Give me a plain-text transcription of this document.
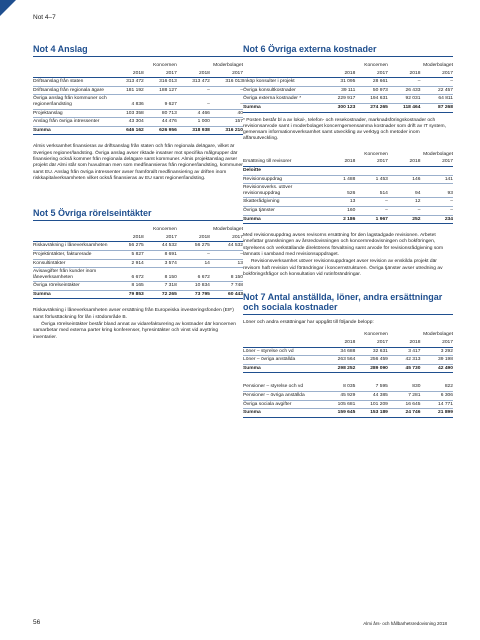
Not 4–7
Not 4 Anslag
	Koncernen		Moderbolaget	
	2018	2017	2018	2017
Driftsanslag från staten	313 472	316 013	313 472	316 013
Driftsanslag från regionala ägare	181 192	188 127	–	–
Övriga anslag från kommuner och regioner/landsting	4 836	9 627	–	–
Projektanslag	103 358	80 713	4 466	40
Anslag från övriga intressenter	43 304	44 476	1 000	157
Summa	646 162	626 956	318 938	316 210
Almis verksamhet finansieras av driftsanslag från staten och från regionala delägare, vilket är Sveriges regioner/landsting. Övriga anslag avser riktade insatser mot specifika målgrupper där finansiering också kommer från regionala delägare samt kommuner. Almis projektanslag avser projekt där Almi står som huvudman men som medfinansieras från regioner/landsting, kommuner samt EU. Anslag från övriga intressenter avser framförallt medfinansiering av driften inom riskkapitalverksamheten vilket också finansieras av EU samt regioner/landsting.
Not 5 Övriga rörelseintäkter
	Koncernen		Moderbolaget	
	2018	2017	2018	2017
Riskavräkning i låneverksamheten	56 275	44 532	56 275	44 532
Projektintäkter, fakturerade	5 827	8 691	–	–
Konsultintäkter	2 914	3 574	14	13
Avisavgifter från kunder inom låneverksamheten	6 672	8 150	6 672	8 150
Övriga rörelseintäkter	8 165	7 318	10 834	7 748
Summa	79 853	72 265	73 795	60 443

Riskavräkning i låneverksamheten avser ersättning från Europeiska investeringsfonden (EIF) samt förlusttäckning för lån i stödområde B.

Övriga rörelseintäkter består bland annat av vidarefakturering av kostnader där koncernen samarbetar med externa parter kring konferenser, hyresintäkter och vinst vid avyttring inventarier.

Not 6 Övriga externa kostnader
	Koncernen		Moderbolaget	
	2018	2017	2018	2017
Inköp konsulter i projekt	31 095	28 661	–	–
Övriga konsultkostnader	39 111	50 973	26 433	22 457
Övriga externa kostnader *	229 917	194 631	92 031	64 811
Summa	300 123	274 265	118 464	87 268
* Posten består bl a av lokal-, telefon- och resekostnader, marknadsföringskostnader och revisionsarvode samt i moderbolaget koncerngemensamma kostnader som drift av IT system, gemensam informationsverksamhet samt utveckling av verktyg och metoder inom affärsutveckling.
	Koncernen		Moderbolaget	
Ersättning till revisorer	2018	2017	2018	2017
Deloitte				
Revisionsuppdrag	1 488	1 453	146	141
Revisionsverks. utöver revisionsuppdrag	526	514	94	93
Skatterådgivning	13	–	12	–
Övriga tjänster	160	–	–	–
Summa	2 186	1 967	252	234

Med revisionsuppdrag avses revisorns ersättning för den lagstadgade revisionen. Arbetet innefattar granskningen av årsredovisningen och koncernredovisningen och bokföringen, styrelsens och verkställande direktörens förvaltning samt arvode för revisionsrådgivning som lämnats i samband med revisionsuppdraget.

Revisionsverksamhet utöver revisionsuppdraget avser revision av enskilda projekt där revisorn haft revision vid förändringar i koncernstrukturen. Övriga tjänster avser utredning av bokföringsfrågor och konsultation vid rutinförändringar.

Not 7 Antal anställda, löner, andra ersättningar och sociala kostnader
Löner och andra ersättningar har uppgått till följande belopp:
	Koncernen		Moderbolaget	
	2018	2017	2018	2017
Löner – styrelse och vd	34 688	32 631	3 417	3 292
Löner – övriga anställda	263 564	256 459	42 313	39 198
Summa	298 252	289 090	45 730	42 490
Pensioner – styrelse och vd	8 035	7 595	830	822
Pensioner – övriga anställda	45 929	44 385	7 281	6 306
Övriga sociala avgifter	105 681	101 209	16 645	14 771
Summa	159 645	153 189	24 746	21 899
56	Almi års- och hållbarhetsredovisning 2018
